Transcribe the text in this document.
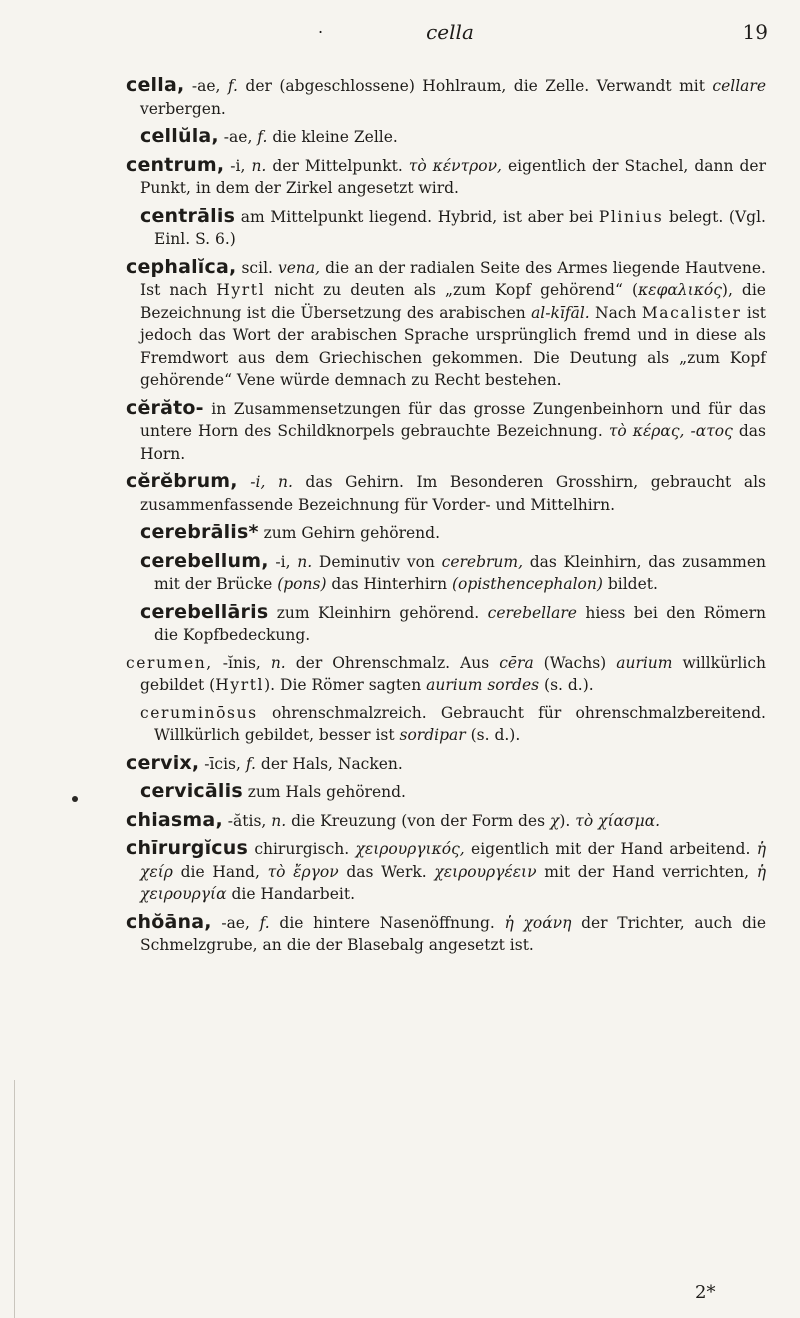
.	cella	19
cella, -ae, f. der (abgeschlossene) Hohlraum, die Zelle. Verwandt mit cellare verbergen.
cellŭla, -ae, f. die kleine Zelle.
centrum, -i, n. der Mittelpunkt. τὸ κέντρον, eigentlich der Stachel, dann der Punkt, in dem der Zirkel angesetzt wird.
centrālis am Mittelpunkt liegend. Hybrid, ist aber bei Plinius belegt. (Vgl. Einl. S. 6.)
cephalĭca, scil. vena, die an der radialen Seite des Armes liegende Hautvene. Ist nach Hyrtl nicht zu deuten als „zum Kopf gehörend“ (κεφαλικός), die Bezeichnung ist die Übersetzung des arabischen al-kīfāl. Nach Macalister ist jedoch das Wort der arabischen Sprache ursprünglich fremd und in diese als Fremdwort aus dem Griechischen gekommen. Die Deutung als „zum Kopf gehörende“ Vene würde demnach zu Recht bestehen.
cĕrăto- in Zusammensetzungen für das grosse Zungenbeinhorn und für das untere Horn des Schildknorpels gebrauchte Bezeichnung. τὸ κέρας, -ατος das Horn.
cĕrĕbrum, -i, n. das Gehirn. Im Besonderen Grosshirn, gebraucht als zusammenfassende Bezeichnung für Vorder- und Mittelhirn.
cerebrālis* zum Gehirn gehörend.
cerebellum, -i, n. Deminutiv von cerebrum, das Kleinhirn, das zusammen mit der Brücke (pons) das Hinterhirn (opisthencephalon) bildet.
cerebellāris zum Kleinhirn gehörend. cerebellare hiess bei den Römern die Kopfbedeckung.
cerumen, -ĭnis, n. der Ohrenschmalz. Aus cēra (Wachs) aurium willkürlich gebildet (Hyrtl). Die Römer sagten aurium sordes (s. d.).
ceruminōsus ohrenschmalzreich. Gebraucht für ohrenschmalzbereitend. Willkürlich gebildet, besser ist sordipar (s. d.).
cervix, -īcis, f. der Hals, Nacken.
cervicālis zum Hals gehörend.
chiasma, -ătis, n. die Kreuzung (von der Form des χ). τὸ χίασμα.
chīrurgĭcus chirurgisch. χειρουργικός, eigentlich mit der Hand arbeitend. ἡ χείρ die Hand, τὸ ἔργον das Werk. χειρουργέειν mit der Hand verrichten, ἡ χειρουργία die Handarbeit.
chŏāna, -ae, f. die hintere Nasenöffnung. ἡ χοάνη der Trichter, auch die Schmelzgrube, an die der Blasebalg angesetzt ist.
2*
